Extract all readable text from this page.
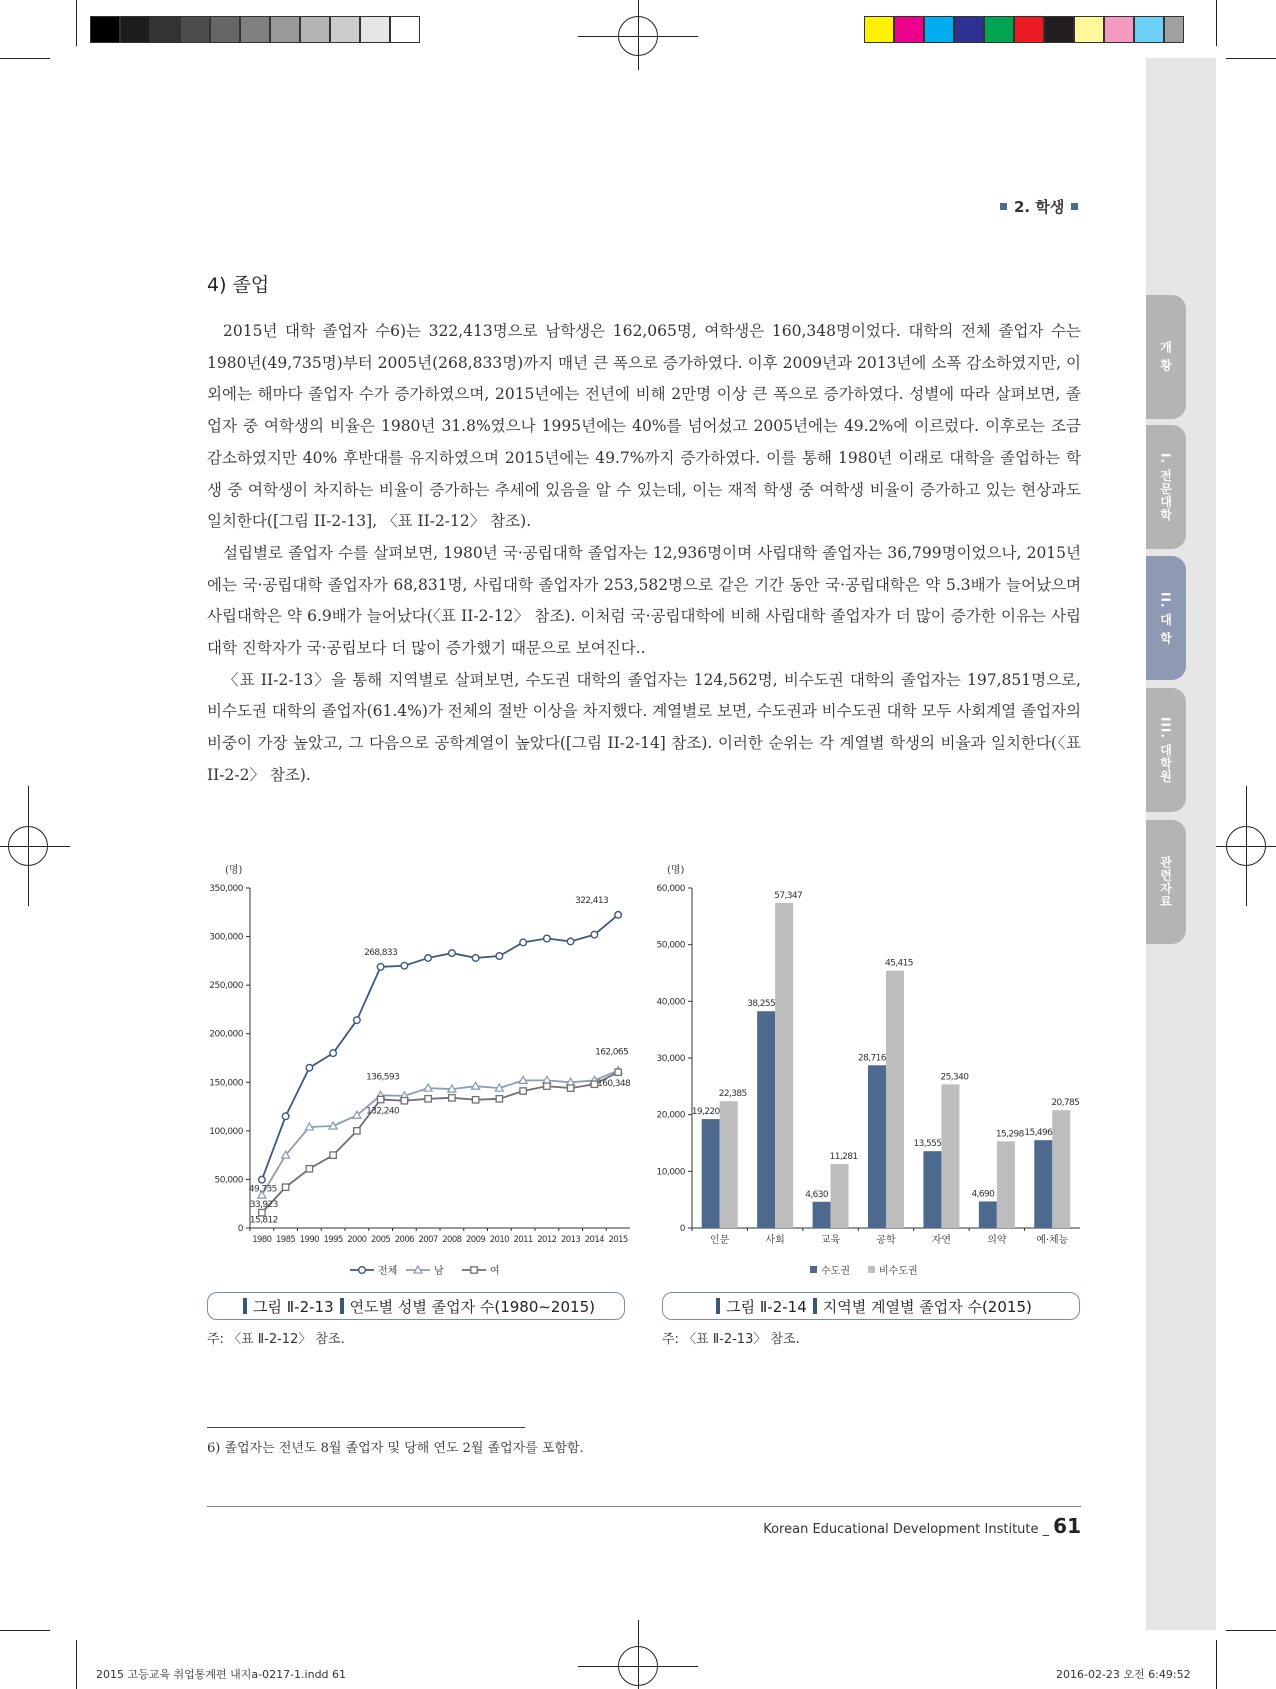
개 황
I. 전문대학
II. 대 학
III. 대학원
관련자료
2. 학생
4) 졸업

2015년 대학 졸업자 수6)는 322,413명으로 남학생은 162,065명, 여학생은 160,348명이었다. 대학의 전체 졸업자 수는 1980년(49,735명)부터 2005년(268,833명)까지 매년 큰 폭으로 증가하였다. 이후 2009년과 2013년에 소폭 감소하였지만, 이외에는 해마다 졸업자 수가 증가하였으며, 2015년에는 전년에 비해 2만명 이상 큰 폭으로 증가하였다. 성별에 따라 살펴보면, 졸업자 중 여학생의 비율은 1980년 31.8%였으나 1995년에는 40%를 넘어섰고 2005년에는 49.2%에 이르렀다. 이후로는 조금 감소하였지만 40% 후반대를 유지하였으며 2015년에는 49.7%까지 증가하였다. 이를 통해 1980년 이래로 대학을 졸업하는 학생 중 여학생이 차지하는 비율이 증가하는 추세에 있음을 알 수 있는데, 이는 재적 학생 중 여학생 비율이 증가하고 있는 현상과도 일치한다([그림 II-2-13], 〈표 II-2-12〉 참조).

설립별로 졸업자 수를 살펴보면, 1980년 국·공립대학 졸업자는 12,936명이며 사립대학 졸업자는 36,799명이었으나, 2015년에는 국·공립대학 졸업자가 68,831명, 사립대학 졸업자가 253,582명으로 같은 기간 동안 국·공립대학은 약 5.3배가 늘어났으며 사립대학은 약 6.9배가 늘어났다(〈표 II-2-12〉 참조). 이처럼 국·공립대학에 비해 사립대학 졸업자가 더 많이 증가한 이유는 사립대학 진학자가 국·공립보다 더 많이 증가했기 때문으로 보여진다..

〈표 II-2-13〉을 통해 지역별로 살펴보면, 수도권 대학의 졸업자는 124,562명, 비수도권 대학의 졸업자는 197,851명으로, 비수도권 대학의 졸업자(61.4%)가 전체의 절반 이상을 차지했다. 계열별로 보면, 수도권과 비수도권 대학 모두 사회계열 졸업자의 비중이 가장 높았고, 그 다음으로 공학계열이 높았다([그림 II-2-14] 참조). 이러한 순위는 각 계열별 학생의 비율과 일치한다(〈표 II-2-2〉 참조).

(명)
0
50,000
100,000
150,000
200,000
250,000
300,000
350,000
1980 1985 1990 1995 2000 2005 2006 2007 2008 2009 2010 2011 2012 2013 2014 2015
322,413
268,833
162,065
136,593
160,348
132,240
49,735
33,923
15,812
전체	남	여
(명)
0
10,000
20,000
30,000
40,000
50,000
60,000
인문	사회	교육	공학	자연	의약	예·체능
19,220
38,255
4,630
28,716
13,555
4,690
15,496
22,385
57,347
11,281
45,415
25,340
15,298
20,785
수도권	비수도권
그림 Ⅱ-2-13 연도별 성별 졸업자 수(1980∼2015)
주: 〈표 Ⅱ-2-12〉 참조.
그림 Ⅱ-2-14 지역별 계열별 졸업자 수(2015)
주: 〈표 Ⅱ-2-13〉 참조.
6) 졸업자는 전년도 8월 졸업자 및 당해 연도 2월 졸업자를 포함함.
Korean Educational Development Institute _ 61
2015 고등교육 취업통계편 내지a-0217-1.indd 61	2016-02-23 오전 6:49:52
